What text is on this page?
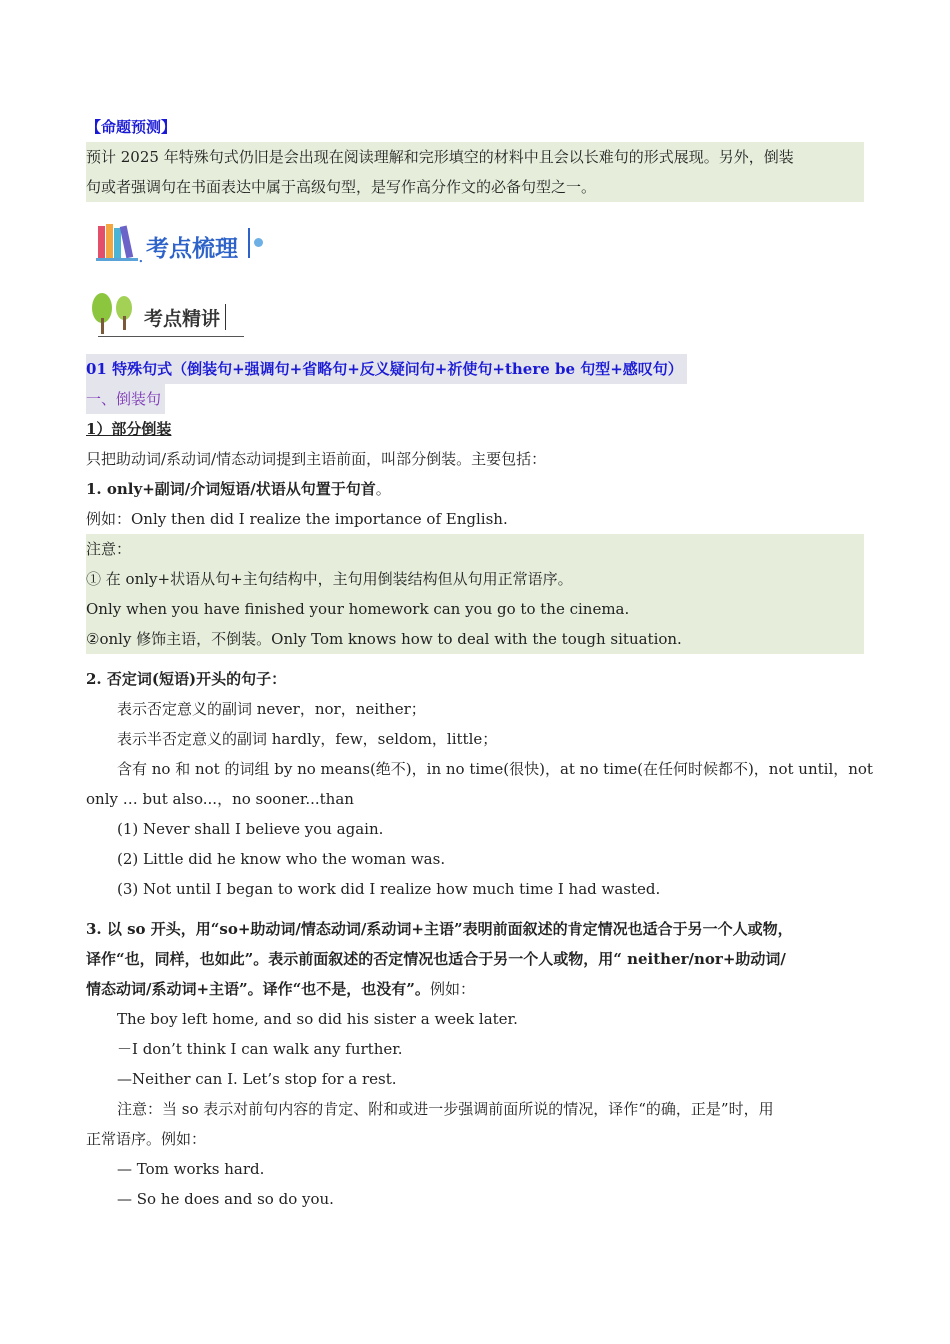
【命题预测】
预计 2025 年特殊句式仍旧是会出现在阅读理解和完形填空的材料中且会以长难句的形式展现。另外，倒装
句或者强调句在书面表达中属于高级句型，是写作高分作文的必备句型之一。
. 考点梳理
考点精讲
01 特殊句式（倒装句+强调句+省略句+反义疑问句+祈使句+there be 句型+感叹句）
一、倒装句
1）部分倒装
只把助动词/系动词/情态动词提到主语前面，叫部分倒装。主要包括：
1. only+副词/介词短语/状语从句置于句首。
例如：Only then did I realize the importance of English.
注意：
① 在 only+状语从句+主句结构中，主句用倒装结构但从句用正常语序。
Only when you have finished your homework can you go to the cinema.
②only 修饰主语，不倒装。Only Tom knows how to deal with the tough situation.
2. 否定词(短语)开头的句子：
表示否定意义的副词 never，nor，neither；
表示半否定意义的副词 hardly，few，seldom，little；
含有 no 和 not 的词组 by no means(绝不)，in no time(很快)，at no time(在任何时候都不)，not until，not
only … but also...，no sooner...than
(1) Never shall I believe you again.
(2) Little did he know who the woman was.
(3) Not until I began to work did I realize how much time I had wasted.
3. 以 so 开头，用“so+助动词/情态动词/系动词+主语”表明前面叙述的肯定情况也适合于另一个人或物，
译作“也，同样，也如此”。表示前面叙述的否定情况也适合于另一个人或物，用“ neither/nor+助动词/
情态动词/系动词+主语”。译作“也不是，也没有”。例如：
The boy left home, and so did his sister a week later.
－I don’t think I can walk any further.
—Neither can I. Let’s stop for a rest.
注意：当 so 表示对前句内容的肯定、附和或进一步强调前面所说的情况，译作“的确，正是”时，用
正常语序。例如：
— Tom works hard.
— So he does and so do you.
